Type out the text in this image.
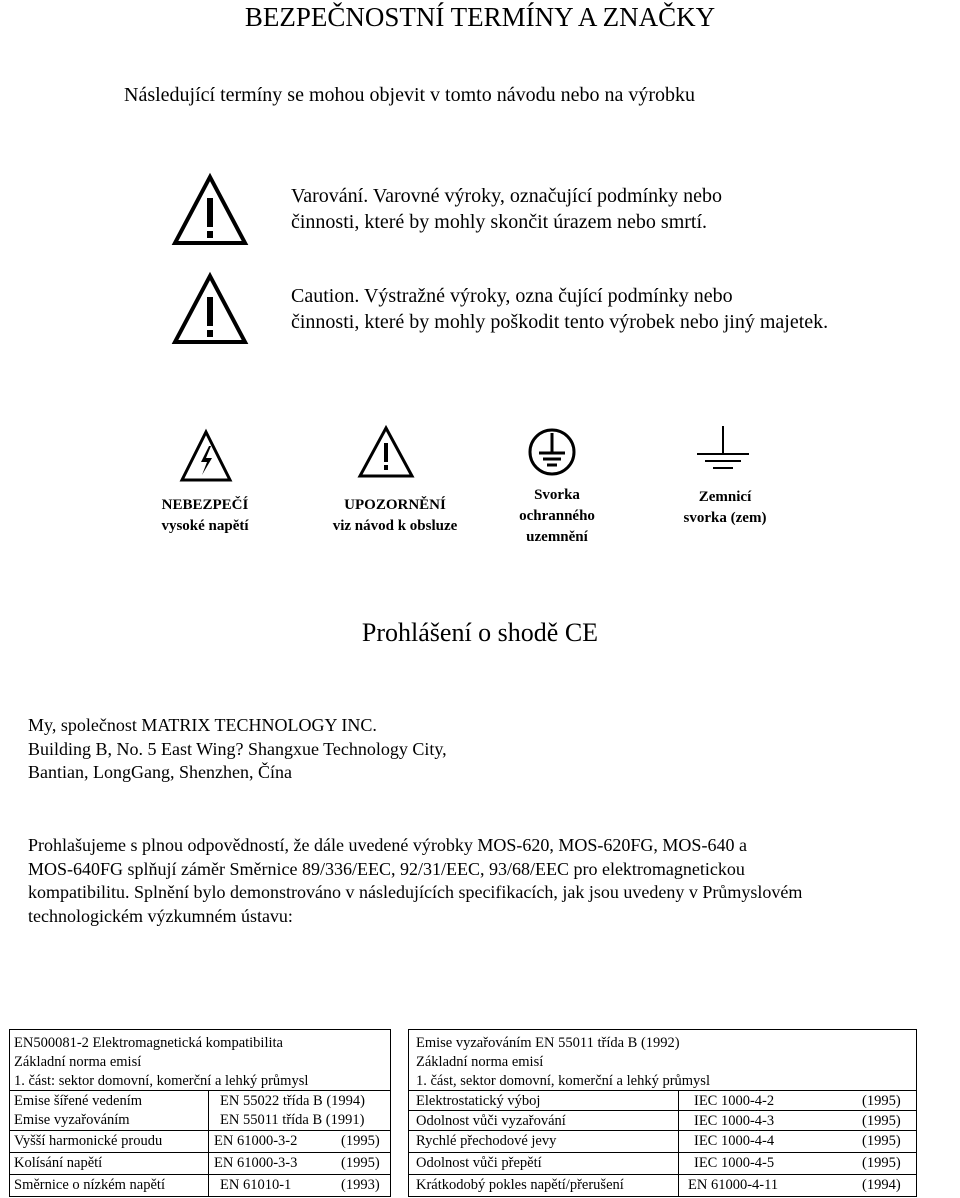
BEZPEČNOSTNÍ TERMÍNY A ZNAČKY
Následující termíny se mohou objevit v tomto návodu nebo na výrobku
Varování. Varovné výroky, označující podmínky nebo
činnosti, které by mohly skončit úrazem nebo smrtí.
Caution. Výstražné výroky, ozna čující podmínky nebo
činnosti, které by mohly poškodit tento výrobek nebo jiný majetek.
NEBEZPEČÍ
vysoké napětí
UPOZORNĚNÍ
viz návod k obsluze
Svorka
ochranného
uzemnění
Zemnicí
svorka (zem)
Prohlášení o shodě CE
My, společnost MATRIX TECHNOLOGY INC.
Building B, No. 5 East Wing? Shangxue Technology City,
Bantian, LongGang, Shenzhen, Čína
Prohlašujeme s plnou odpovědností, že dále uvedené výrobky MOS-620, MOS-620FG, MOS-640 a
MOS-640FG splňují záměr Směrnice 89/336/EEC, 92/31/EEC, 93/68/EEC pro elektromagnetickou
kompatibilitu. Splnění bylo demonstrováno v následujících specifikacích, jak jsou uvedeny v Průmyslovém
technologickém výzkumném ústavu:
EN500081-2 Elektromagnetická kompatibilita
Základní norma emisí
1. část: sektor domovní, komerční a lehký průmysl
Emise vyzařováním EN 55011 třída B (1992)
Základní norma emisí
1. část, sektor domovní, komerční a lehký průmysl
Emise šířené vedením	EN 55022 třída B (1994)
Emise vyzařováním	EN 55011 třída B (1991)
Vyšší harmonické proudu	EN 61000-3-2	(1995)
Kolísání napětí	EN 61000-3-3	(1995)
Směrnice o nízkém napětí	EN 61010-1	(1993)
Elektrostatický výboj	IEC 1000-4-2	(1995)
Odolnost vůči vyzařování	IEC 1000-4-3	(1995)
Rychlé přechodové jevy	IEC 1000-4-4	(1995)
Odolnost vůči přepětí	IEC 1000-4-5	(1995)
Krátkodobý pokles napětí/přerušení	EN 61000-4-11	(1994)
